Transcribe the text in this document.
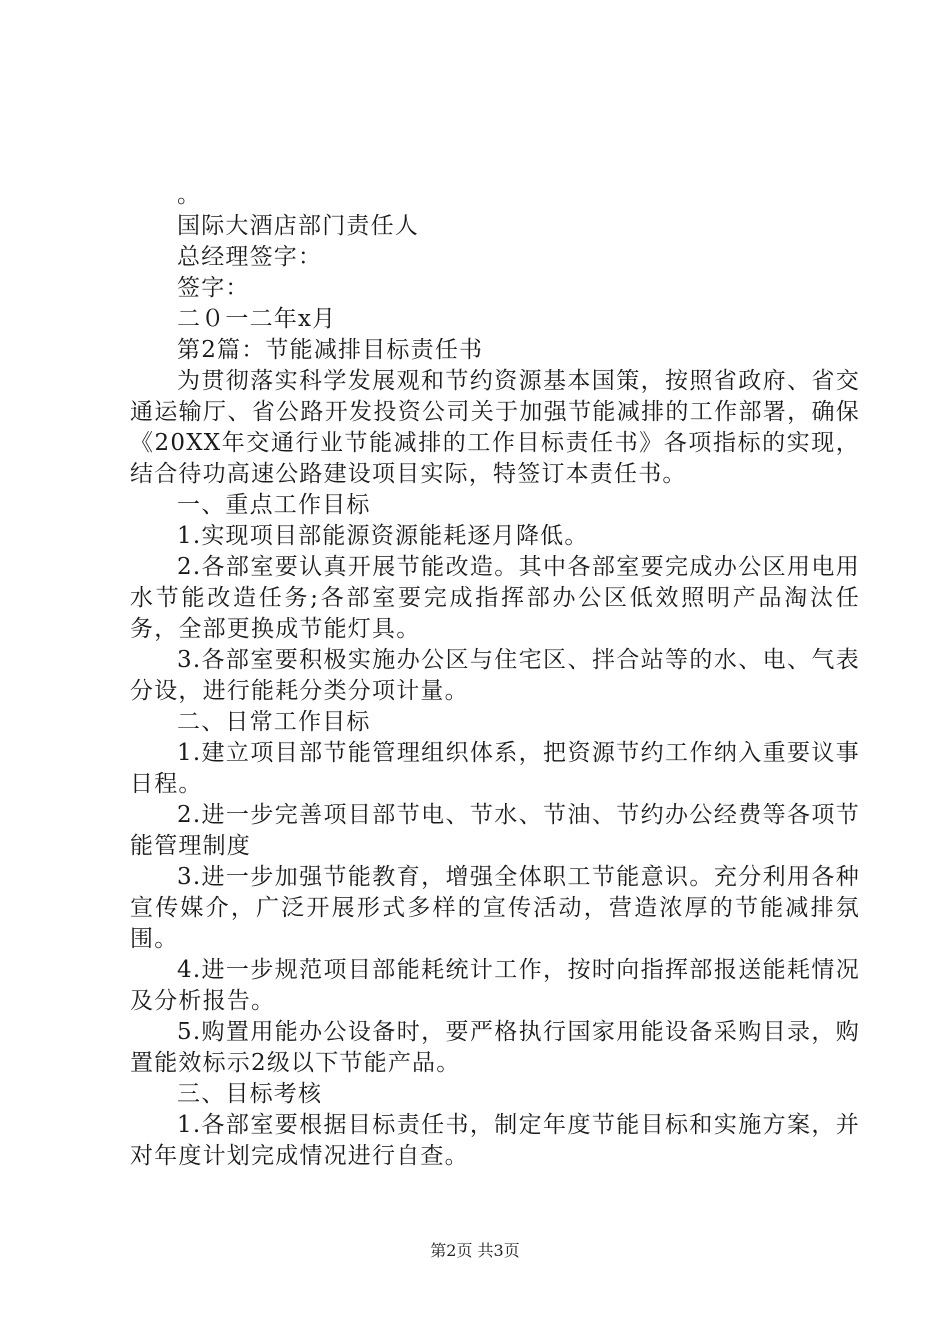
。
国际大酒店部门责任人
总经理签字：
签字：
二０一二年x月
第2篇：节能减排目标责任书
为贯彻落实科学发展观和节约资源基本国策，按照省政府、省交通运输厅、省公路开发投资公司关于加强节能减排的工作部署，确保《20XX年交通行业节能减排的工作目标责任书》各项指标的实现，结合待功高速公路建设项目实际，特签订本责任书。
一、重点工作目标
1.实现项目部能源资源能耗逐月降低。
2.各部室要认真开展节能改造。其中各部室要完成办公区用电用水节能改造任务;各部室要完成指挥部办公区低效照明产品淘汰任务，全部更换成节能灯具。
3.各部室要积极实施办公区与住宅区、拌合站等的水、电、气表分设，进行能耗分类分项计量。
二、日常工作目标
1.建立项目部节能管理组织体系，把资源节约工作纳入重要议事日程。
2.进一步完善项目部节电、节水、节油、节约办公经费等各项节能管理制度
3.进一步加强节能教育，增强全体职工节能意识。充分利用各种宣传媒介，广泛开展形式多样的宣传活动，营造浓厚的节能减排氛围。
4.进一步规范项目部能耗统计工作，按时向指挥部报送能耗情况及分析报告。
5.购置用能办公设备时，要严格执行国家用能设备采购目录，购置能效标示2级以下节能产品。
三、目标考核
1.各部室要根据目标责任书，制定年度节能目标和实施方案，并对年度计划完成情况进行自查。
第2页 共3页
